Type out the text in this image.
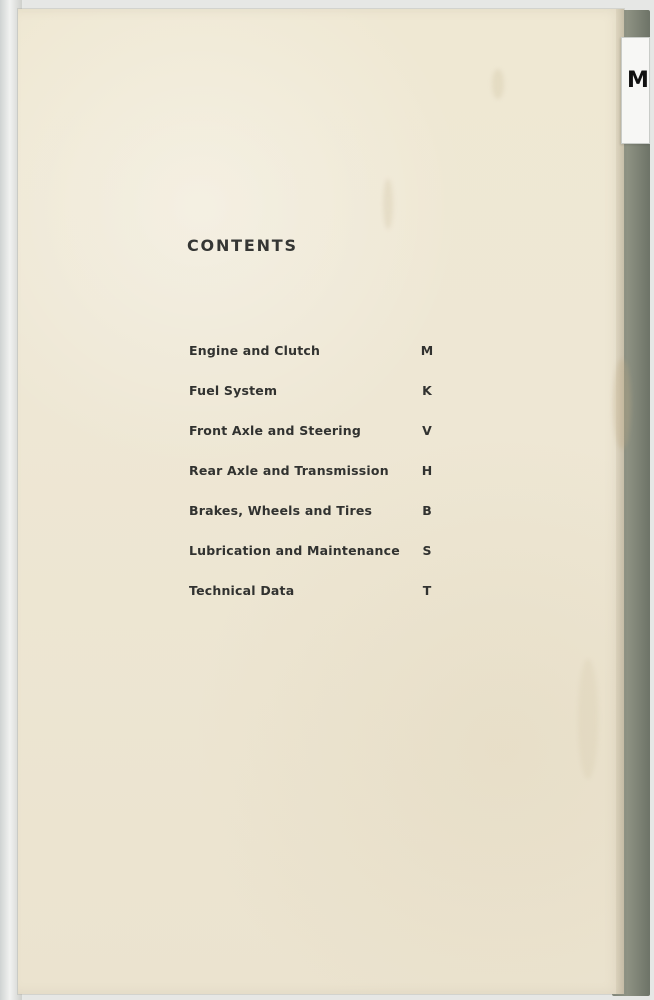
CONTENTS
Engine and Clutch	M
Fuel System	K
Front Axle and Steering	V
Rear Axle and Transmission	H
Brakes, Wheels and Tires	B
Lubrication and Maintenance	S
Technical Data	T
M
